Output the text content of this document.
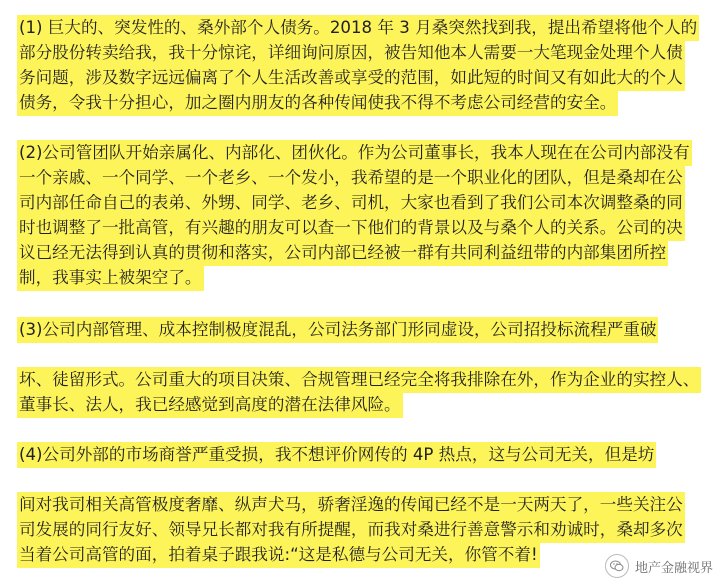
(1) 巨大的、突发性的、桑外部个人债务。2018 年 3 月桑突然找到我，提出希望将他个人的
部分股份转卖给我，我十分惊诧，详细询问原因，被告知他本人需要一大笔现金处理个人债
务问题，涉及数字远远偏离了个人生活改善或享受的范围，如此短的时间又有如此大的个人
债务，令我十分担心，加之圈内朋友的各种传闻使我不得不考虑公司经营的安全。
(2)公司管团队开始亲属化、内部化、团伙化。作为公司董事长，我本人现在在公司内部没有
一个亲戚、一个同学、一个老乡、一个发小，我希望的是一个职业化的团队，但是桑却在公
司内部任命自己的表弟、外甥、同学、老乡、司机，大家也看到了我们公司本次调整桑的同
时也调整了一批高管，有兴趣的朋友可以查一下他们的背景以及与桑个人的关系。公司的决
议已经无法得到认真的贯彻和落实，公司内部已经被一群有共同利益纽带的内部集团所控
制，我事实上被架空了。
(3)公司内部管理、成本控制极度混乱，公司法务部门形同虚设，公司招投标流程严重破
坏、徒留形式。公司重大的项目决策、合规管理已经完全将我排除在外，作为企业的实控人、
董事长、法人，我已经感觉到高度的潜在法律风险。
(4)公司外部的市场商誉严重受损，我不想评价网传的 4P 热点，这与公司无关，但是坊
间对我司相关高管极度奢靡、纵声犬马，骄奢淫逸的传闻已经不是一天两天了，一些关注公
司发展的同行友好、领导兄长都对我有所提醒，而我对桑进行善意警示和劝诚时，桑却多次
当着公司高管的面，拍着桌子跟我说:“这是私德与公司无关，你管不着!
地产金融视界
